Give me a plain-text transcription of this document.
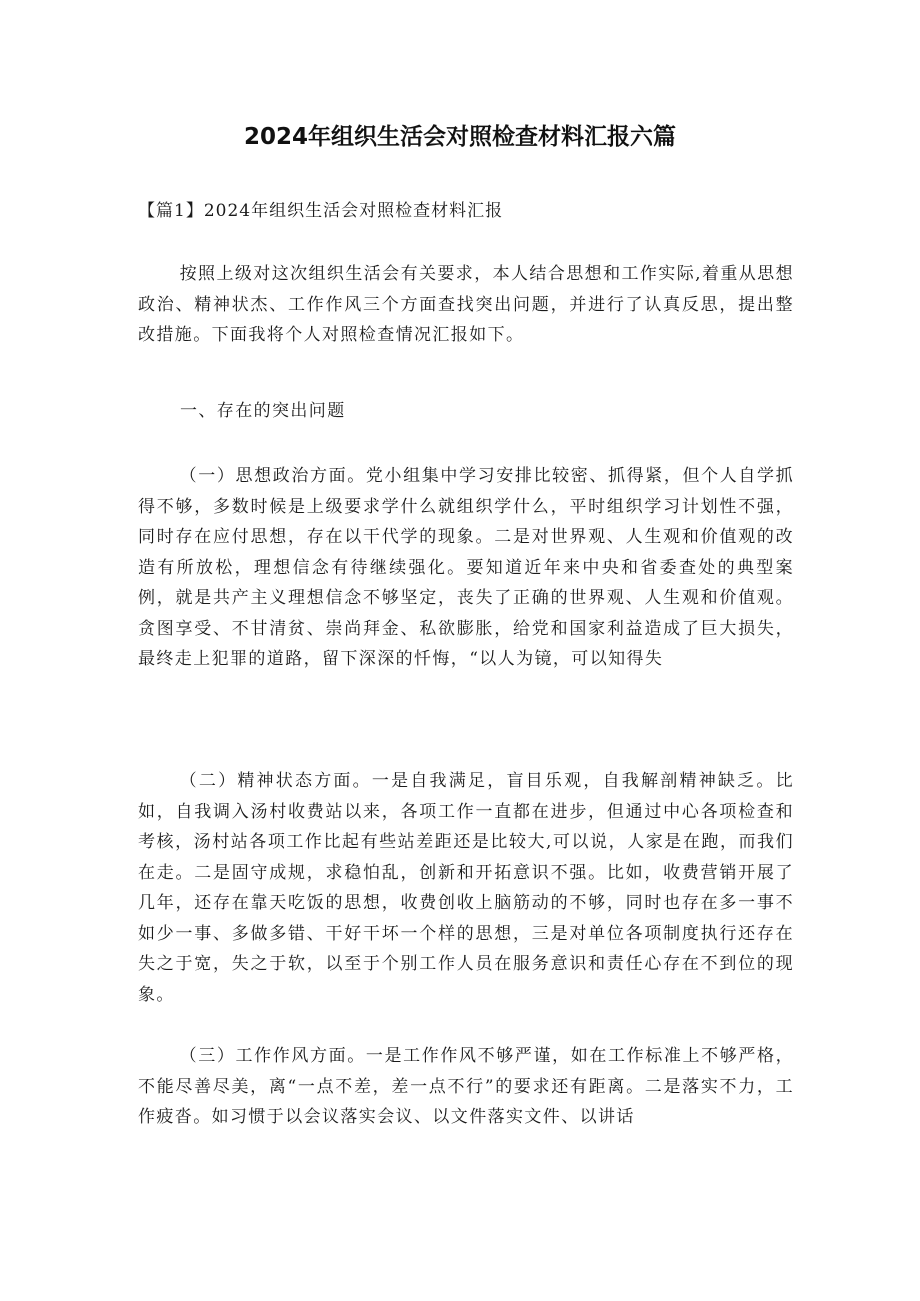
2024年组织生活会对照检查材料汇报六篇
【篇1】2024年组织生活会对照检查材料汇报

按照上级对这次组织生活会有关要求，本人结合思想和工作实际,着重从思想政治、精神状杰、工作作风三个方面查找突出问题，并进行了认真反思，提出整改措施。下面我将个人对照检查情况汇报如下。

一、存在的突出问题

（一）思想政治方面。党小组集中学习安排比较密、抓得紧，但个人自学抓得不够，多数时候是上级要求学什么就组织学什么，平时组织学习计划性不强，同时存在应付思想，存在以干代学的现象。二是对世界观、人生观和价值观的改造有所放松，理想信念有待继续强化。要知道近年来中央和省委查处的典型案例，就是共产主义理想信念不够坚定，丧失了正确的世界观、人生观和价值观。贪图享受、不甘清贫、崇尚拜金、私欲膨胀，给党和国家利益造成了巨大损失，最终走上犯罪的道路，留下深深的忏悔，“以人为镜，可以知得失

（二）精神状态方面。一是自我满足，盲目乐观，自我解剖精神缺乏。比如，自我调入汤村收费站以来，各项工作一直都在进步，但通过中心各项检查和考核，汤村站各项工作比起有些站差距还是比较大,可以说，人家是在跑，而我们在走。二是固守成规，求稳怕乱，创新和开拓意识不强。比如，收费营销开展了几年，还存在靠天吃饭的思想，收费创收上脑筋动的不够，同时也存在多一事不如少一事、多做多错、干好干坏一个样的思想，三是对单位各项制度执行还存在失之于宽，失之于软，以至于个别工作人员在服务意识和责任心存在不到位的现象。

（三）工作作风方面。一是工作作风不够严谨，如在工作标准上不够严格，不能尽善尽美，离“一点不差，差一点不行”的要求还有距离。二是落实不力，工作疲沓。如习惯于以会议落实会议、以文件落实文件、以讲话
